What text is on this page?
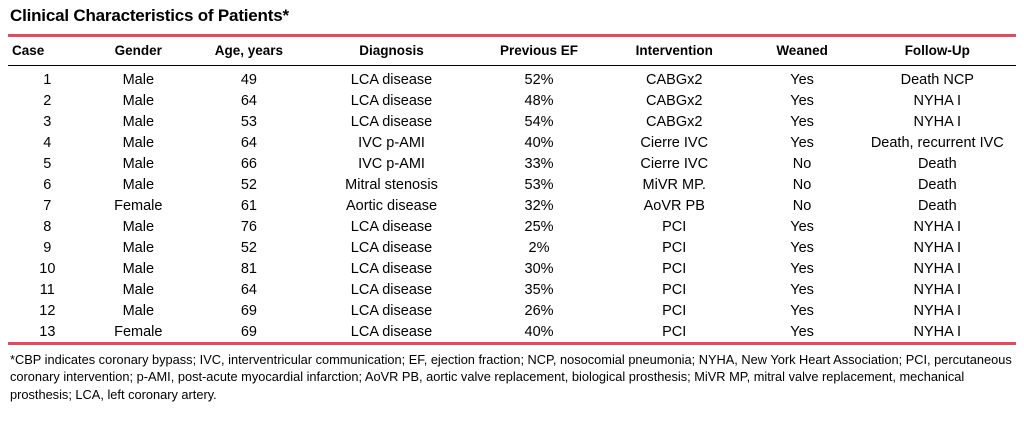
Clinical Characteristics of Patients*
Case	Gender	Age, years	Diagnosis	Previous EF	Intervention	Weaned	Follow-Up
1	Male	49	LCA disease	52%	CABGx2	Yes	Death NCP
2	Male	64	LCA disease	48%	CABGx2	Yes	NYHA I
3	Male	53	LCA disease	54%	CABGx2	Yes	NYHA I
4	Male	64	IVC p-AMI	40%	Cierre IVC	Yes	Death, recurrent IVC
5	Male	66	IVC p-AMI	33%	Cierre IVC	No	Death
6	Male	52	Mitral stenosis	53%	MiVR MP.	No	Death
7	Female	61	Aortic disease	32%	AoVR PB	No	Death
8	Male	76	LCA disease	25%	PCI	Yes	NYHA I
9	Male	52	LCA disease	2%	PCI	Yes	NYHA I
10	Male	81	LCA disease	30%	PCI	Yes	NYHA I
11	Male	64	LCA disease	35%	PCI	Yes	NYHA I
12	Male	69	LCA disease	26%	PCI	Yes	NYHA I
13	Female	69	LCA disease	40%	PCI	Yes	NYHA I
*CBP indicates coronary bypass; IVC, interventricular communication; EF, ejection fraction; NCP, nosocomial pneumonia; NYHA, New York Heart Association; PCI, percutaneous coronary intervention; p-AMI, post-acute myocardial infarction; AoVR PB, aortic valve replacement, biological prosthesis; MiVR MP, mitral valve replacement, mechanical prosthesis; LCA, left coronary artery.
